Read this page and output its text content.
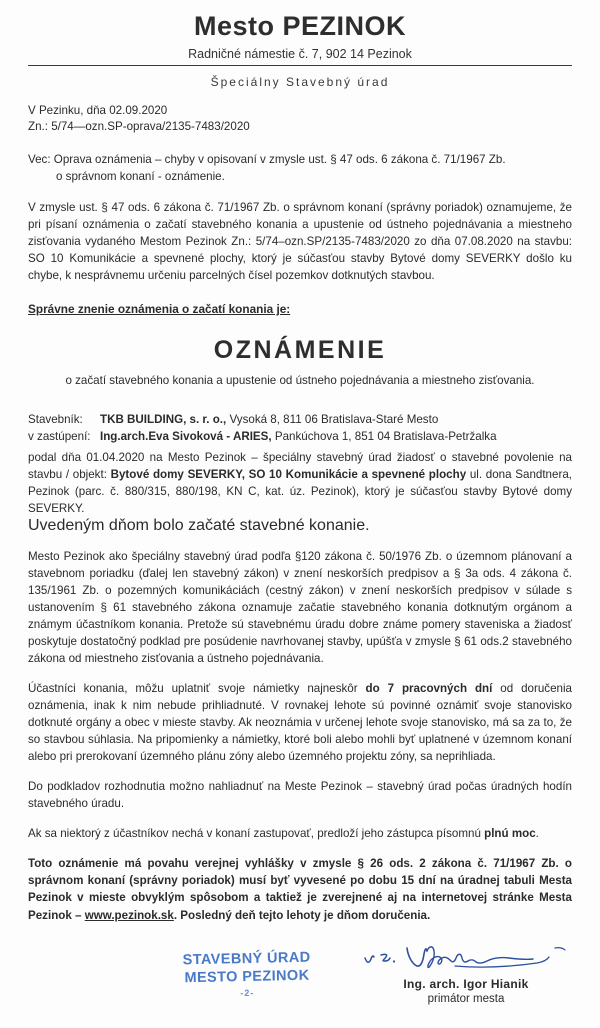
Mesto PEZINOK
Radničné námestie č. 7, 902 14 Pezinok
Špeciálny Stavebný úrad
V Pezinku, dňa 02.09.2020
Zn.: 5/74—ozn.SP-oprava/2135-7483/2020
Vec: Oprava oznámenia – chyby v opisovaní v zmysle ust. § 47 ods. 6 zákona č. 71/1967 Zb.
o správnom konaní - oznámenie.

V zmysle ust. § 47 ods. 6 zákona č. 71/1967 Zb. o správnom konaní (správny poriadok) oznamujeme, že pri písaní oznámenia o začatí stavebného konania a upustenie od ústneho pojednávania a miestneho zisťovania vydaného Mestom Pezinok Zn.: 5/74–ozn.SP/2135-7483/2020 zo dňa 07.08.2020 na stavbu: SO 10 Komunikácie a spevnené plochy, ktorý je súčasťou stavby Bytové domy SEVERKY došlo ku chybe, k nesprávnemu určeniu parcelných čísel pozemkov dotknutých stavbou.

Správne znenie oznámenia o začatí konania je:
OZNÁMENIE
o začatí stavebného konania a upustenie od ústneho pojednávania a miestneho zisťovania.
Stavebník:	TKB BUILDING, s. r. o., Vysoká 8, 811 06 Bratislava-Staré Mesto
v zastúpení: Ing.arch.Eva Sivoková - ARIES, Pankúchova 1, 851 04 Bratislava-Petržalka

podal dňa 01.04.2020 na Mesto Pezinok – špeciálny stavebný úrad žiadosť o stavebné povolenie na stavbu / objekt: Bytové domy SEVERKY, SO 10 Komunikácie a spevnené plochy ul. dona Sandtnera, Pezinok (parc. č. 880/315, 880/198, KN C, kat. úz. Pezinok), ktorý je súčasťou stavby Bytové domy SEVERKY.

Uvedeným dňom bolo začaté stavebné konanie.

Mesto Pezinok ako špeciálny stavebný úrad podľa §120 zákona č. 50/1976 Zb. o územnom plánovaní a stavebnom poriadku (ďalej len stavebný zákon) v znení neskorších predpisov a § 3a ods. 4 zákona č. 135/1961 Zb. o pozemných komunikáciách (cestný zákon) v znení neskorších predpisov v súlade s ustanovením § 61 stavebného zákona oznamuje začatie stavebného konania dotknutým orgánom a známym účastníkom konania. Pretože sú stavebnému úradu dobre známe pomery staveniska a žiadosť poskytuje dostatočný podklad pre posúdenie navrhovanej stavby, upúšťa v zmysle § 61 ods.2 stavebného zákona od miestneho zisťovania a ústneho pojednávania.

Účastníci konania, môžu uplatniť svoje námietky najneskôr do 7 pracovných dní od doručenia oznámenia, inak k nim nebude prihliadnuté. V rovnakej lehote sú povinné oznámiť svoje stanovisko dotknuté orgány a obec v mieste stavby. Ak neoznámia v určenej lehote svoje stanovisko, má sa za to, že so stavbou súhlasia. Na pripomienky a námietky, ktoré boli alebo mohli byť uplatnené v územnom konaní alebo pri prerokovaní územného plánu zóny alebo územného projektu zóny, sa neprihliada.

Do podkladov rozhodnutia možno nahliadnuť na Meste Pezinok – stavebný úrad počas úradných hodín stavebného úradu.

Ak sa niektorý z účastníkov nechá v konaní zastupovať, predloží jeho zástupca písomnú plnú moc.

Toto oznámenie má povahu verejnej vyhlášky v zmysle § 26 ods. 2 zákona č. 71/1967 Zb. o správnom konaní (správny poriadok) musí byť vyvesené po dobu 15 dní na úradnej tabuli Mesta Pezinok v mieste obvyklým spôsobom a taktiež je zverejnené aj na internetovej stránke Mesta Pezinok – www.pezinok.sk. Posledný deň tejto lehoty je dňom doručenia.

STAVEBNÝ ÚRAD
MESTO PEZINOK
-2-
Ing. arch. Igor Hianik
primátor mesta
